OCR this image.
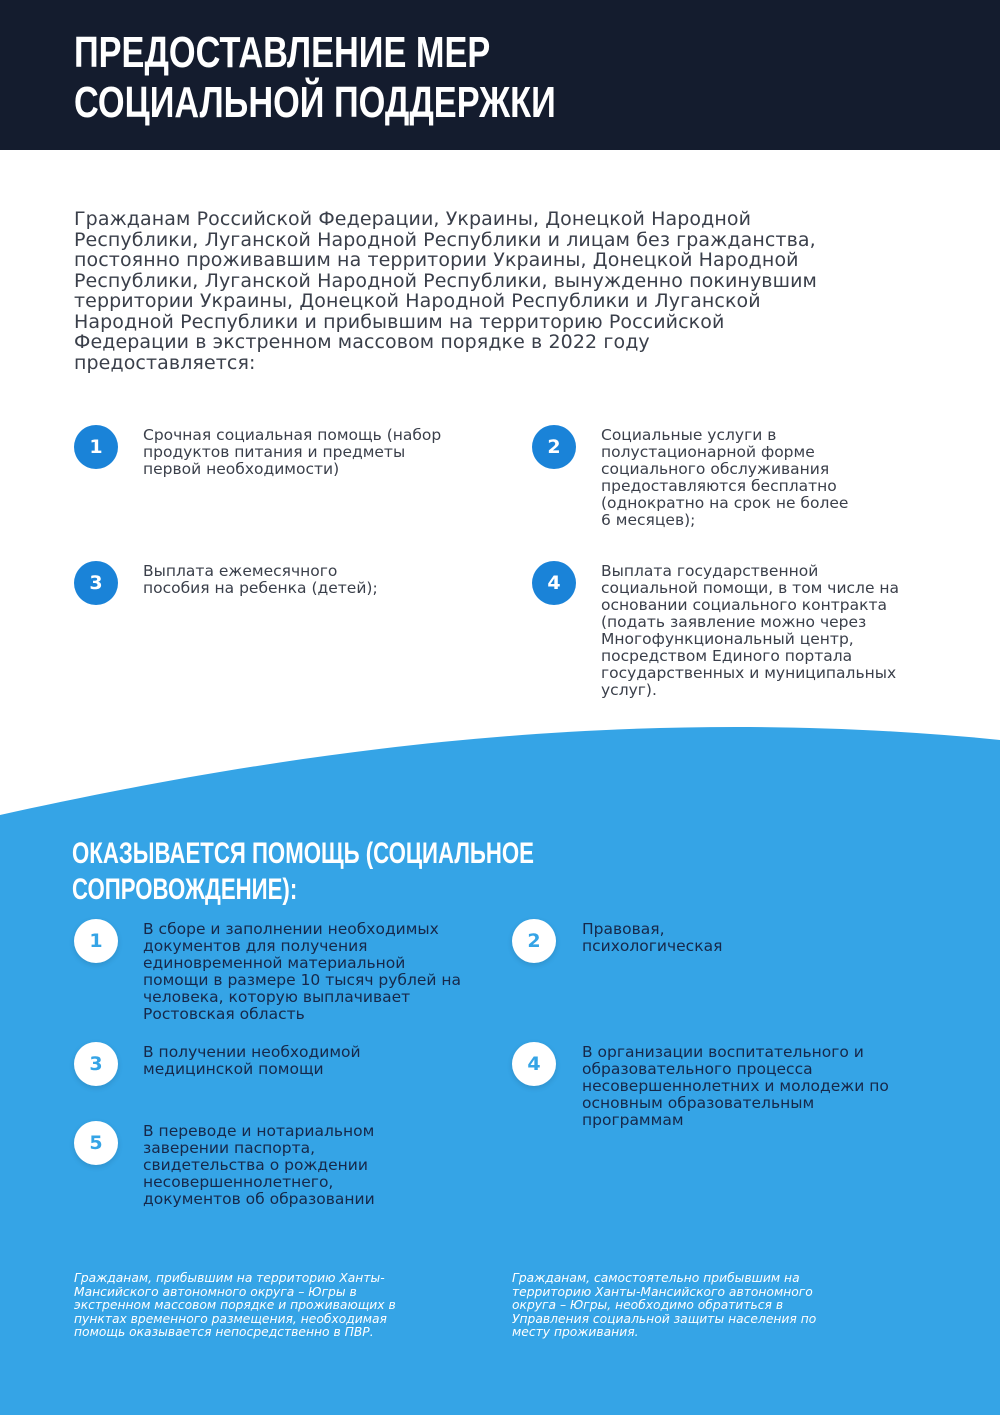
ПРЕДОСТАВЛЕНИЕ МЕР
СОЦИАЛЬНОЙ ПОДДЕРЖКИ
Гражданам Российской Федерации, Украины, Донецкой Народной
Республики, Луганской Народной Республики и лицам без гражданства,
постоянно проживавшим на территории Украины, Донецкой Народной
Республики, Луганской Народной Республики, вынужденно покинувшим
территории Украины, Донецкой Народной Республики и Луганской
Народной Республики и прибывшим на территорию Российской
Федерации в экстренном массовом порядке в 2022 году
предоставляется:
1
Срочная социальная помощь (набор
продуктов питания и предметы
первой необходимости)
2
Социальные услуги в
полустационарной форме
социального обслуживания
предоставляются бесплатно
(однократно на срок не более
6 месяцев);
3
Выплата ежемесячного
пособия на ребенка (детей);	4
Выплата государственной
социальной помощи, в том числе на
основании социального контракта
(подать заявление можно через
Многофункциональный центр,
посредством Единого портала
государственных и муниципальных
услуг).
ОКАЗЫВАЕТСЯ ПОМОЩЬ (СОЦИАЛЬНОЕ СОПРОВОЖДЕНИЕ):
1
В сборе и заполнении необходимых
документов для получения
единовременной материальной
помощи в размере 10 тысяч рублей на
человека, которую выплачивает
Ростовская область
2
Правовая,
психологическая
3
В получении необходимой
медицинской помощи	4
В организации воспитательного и
образовательного процесса
несовершеннолетних и молодежи по
основным образовательным
программам
5
В переводе и нотариальном
заверении паспорта,
свидетельства о рождении
несовершеннолетнего,
документов об образовании
Гражданам, прибывшим на территорию Ханты-
Мансийского автономного округа – Югры в
экстренном массовом порядке и проживающих в
пунктах временного размещения, необходимая
помощь оказывается непосредственно в ПВР.
Гражданам, самостоятельно прибывшим на
территорию Ханты-Мансийского автономного
округа – Югры, необходимо обратиться в
Управления социальной защиты населения по
месту проживания.
